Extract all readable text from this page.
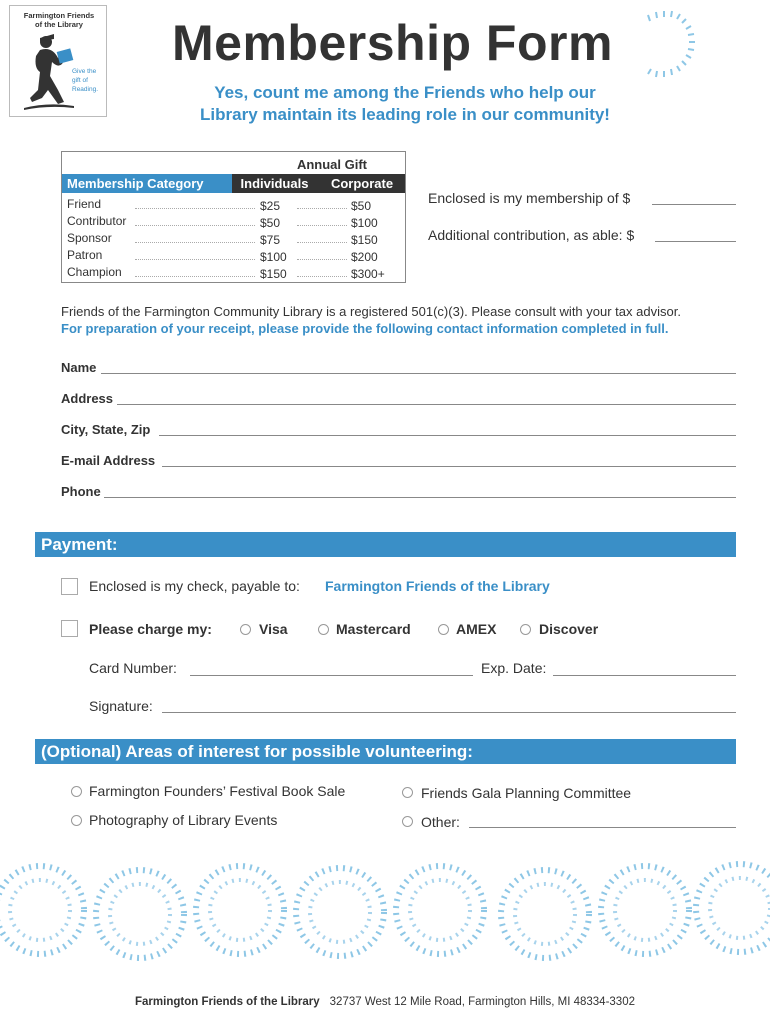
Farmington Friends
of the Library
Give the
gift of
Reading.
Membership Form
Yes, count me among the Friends who help our
Library maintain its leading role in our community!
Annual Gift
Membership Category	Individuals	Corporate
Friend	$25	$50
Contributor	$50	$100
Sponsor	$75	$150
Patron	$100	$200
Champion	$150	$300+
Enclosed is my membership of $
Additional contribution, as able: $
Friends of the Farmington Community Library is a registered 501(c)(3). Please consult with your tax advisor.
For preparation of your receipt, please provide the following contact information completed in full.
Name
Address
City, State, Zip
E-mail Address
Phone
Payment:
Enclosed is my check, payable to: Farmington Friends of the Library
Please charge my:	Visa	Mastercard	AMEX	Discover
Card Number:	Exp. Date:
Signature:
(Optional) Areas of interest for possible volunteering:
Farmington Founders’ Festival Book Sale
Photography of Library Events
Friends Gala Planning Committee
Other:
Farmington Friends of the Library 32737 West 12 Mile Road, Farmington Hills, MI 48334-3302
